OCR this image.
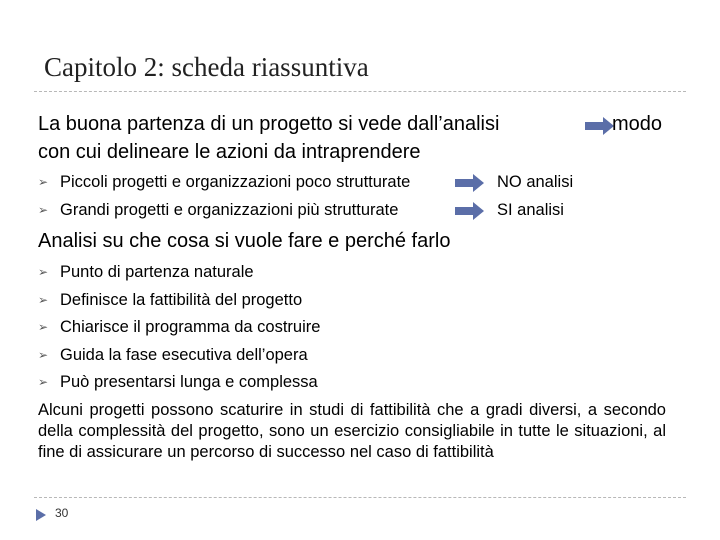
Capitolo 2: scheda riassuntiva
La buona partenza di un progetto si vede dall’analisi	modo
con cui delineare le azioni da intraprendere
➢ Piccoli progetti e organizzazioni poco strutturate	NO analisi
➢ Grandi progetti e organizzazioni più strutturate	SI analisi
Analisi su che cosa si vuole fare e perché farlo
➢ Punto di partenza naturale
➢ Definisce la fattibilità del progetto
➢ Chiarisce il programma da costruire
➢ Guida la fase esecutiva dell’opera
➢ Può presentarsi lunga e complessa
Alcuni progetti possono scaturire in studi di fattibilità che a gradi diversi, a secondo della complessità del progetto, sono un esercizio consigliabile in tutte le situazioni, al fine di assicurare un percorso di successo nel caso di fattibilità
30
